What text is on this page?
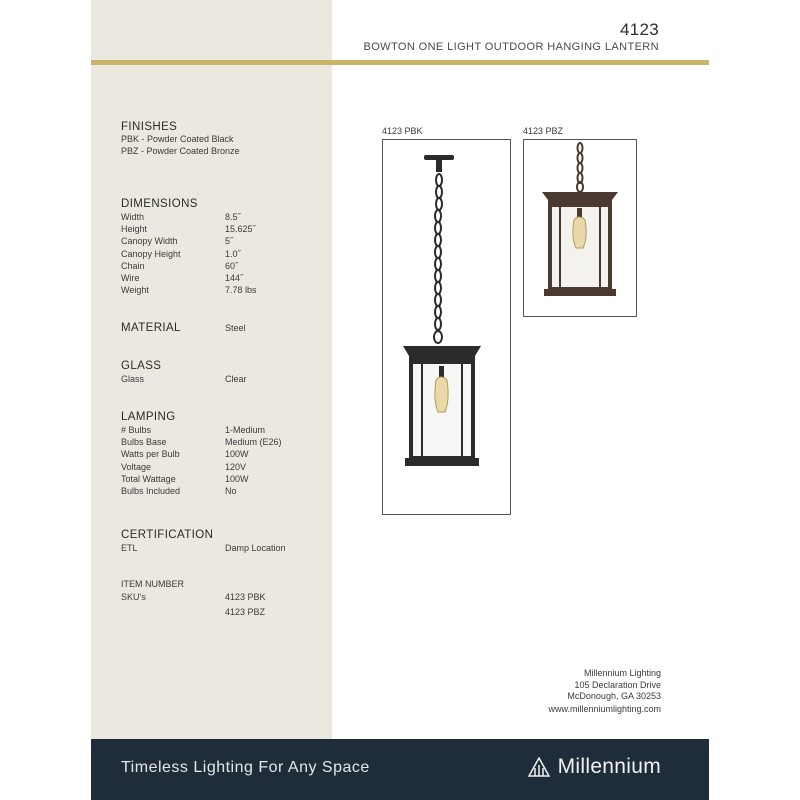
4123
BOWTON ONE LIGHT OUTDOOR HANGING LANTERN
FINISHES
PBK - Powder Coated Black
PBZ - Powder Coated Bronze
DIMENSIONS
Width	8.5˝
Height	15.625˝
Canopy Width	5˝
Canopy Height	1.0˝
Chain	60˝
Wire	144˝
Weight	7.78 lbs
MATERIAL	Steel
GLASS
Glass	Clear
LAMPING
# Bulbs	1-Medium
Bulbs Base	Medium (E26)
Watts per Bulb	100W
Voltage	120V
Total Wattage	100W
Bulbs Included	No
CERTIFICATION
ETL	Damp Location
ITEM NUMBER
SKU’s	4123 PBK
4123 PBZ
4123 PBK	4123 PBZ
Millennium Lighting
105 Declaration Drive
McDonough, GA 30253
www.millenniumlighting.com
Timeless Lighting For Any Space	Millennium
